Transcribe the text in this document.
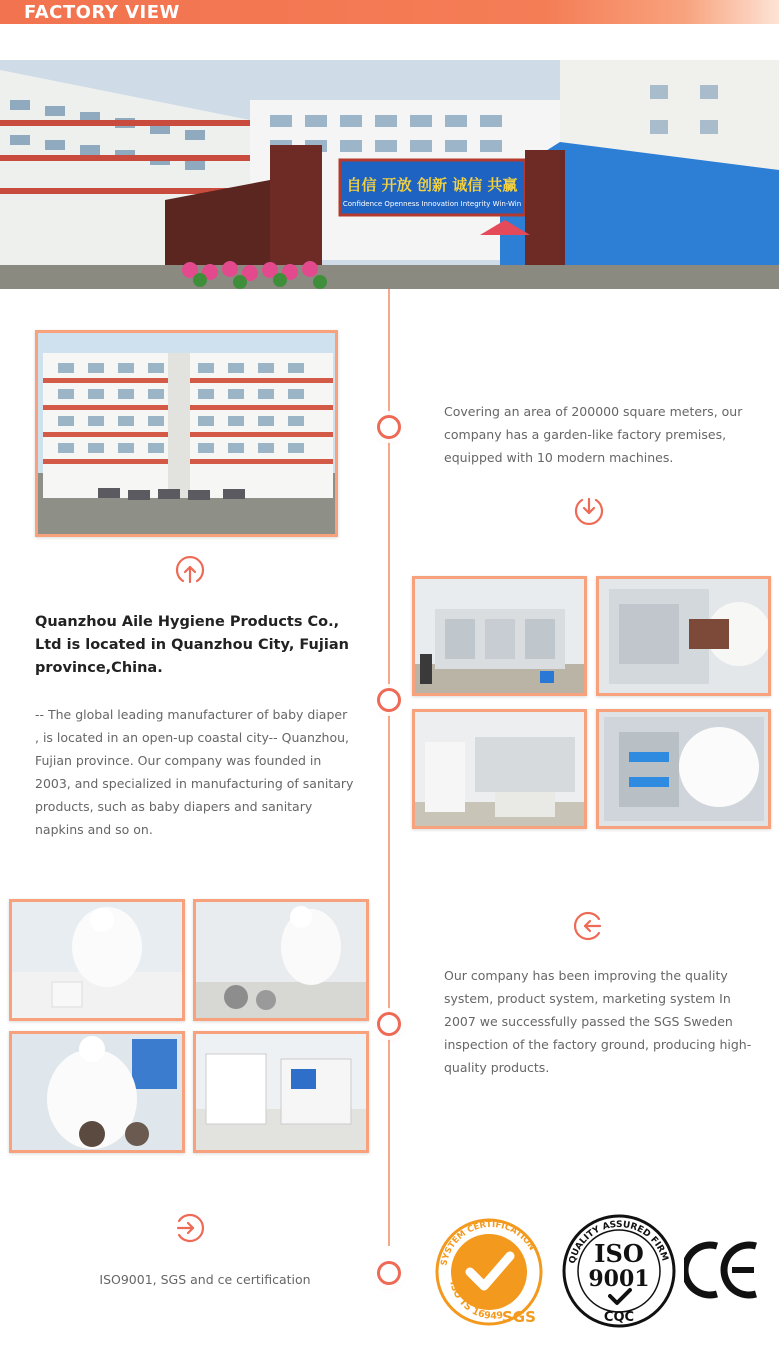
FACTORY VIEW
自信 开放 创新 诚信 共赢
Confidence Openness Innovation Integrity Win-Win
Covering an area of 200000 square meters, our company has a garden-like factory premises, equipped with 10 modern machines.
Quanzhou Aile Hygiene Products Co., Ltd is located in Quanzhou City, Fujian province,China.
-- The global leading manufacturer of baby diaper , is located in an open-up coastal city-- Quanzhou, Fujian province. Our company was founded in 2003, and specialized in manufacturing of sanitary products, such as baby diapers and sanitary napkins and so on.
Our company has been improving the quality system, product system, marketing system In 2007 we successfully passed the SGS Sweden inspection of the factory ground, producing high-quality products.
ISO9001, SGS and ce certification
SYSTEM CERTIFICATION
ISO TS 16949
SGS
QUALITY ASSURED FIRM
ISO
9001
CQC
